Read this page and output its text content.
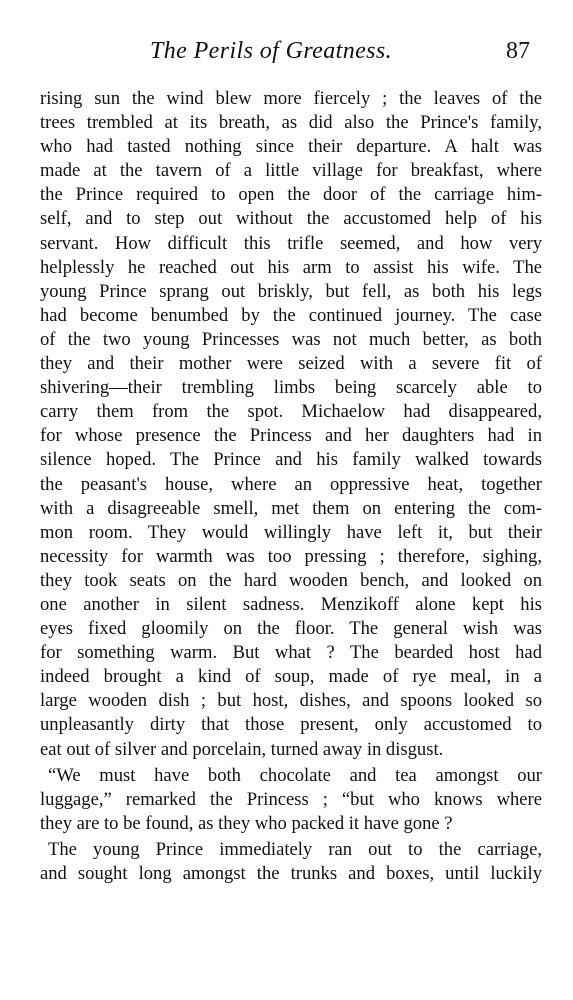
The Perils of Greatness.	87
rising sun the wind blew more fiercely ; the leaves of the
trees trembled at its breath, as did also the Prince's family,
who had tasted nothing since their departure. A halt was
made at the tavern of a little village for breakfast, where
the Prince required to open the door of the carriage him-
self, and to step out without the accustomed help of his
servant. How difficult this trifle seemed, and how very
helplessly he reached out his arm to assist his wife. The
young Prince sprang out briskly, but fell, as both his legs
had become benumbed by the continued journey. The case
of the two young Princesses was not much better, as both
they and their mother were seized with a severe fit of
shivering—their trembling limbs being scarcely able to
carry them from the spot. Michaelow had disappeared,
for whose presence the Princess and her daughters had in
silence hoped. The Prince and his family walked towards
the peasant's house, where an oppressive heat, together
with a disagreeable smell, met them on entering the com-
mon room. They would willingly have left it, but their
necessity for warmth was too pressing ; therefore, sighing,
they took seats on the hard wooden bench, and looked on
one another in silent sadness. Menzikoff alone kept his
eyes fixed gloomily on the floor. The general wish was
for something warm. But what ? The bearded host had
indeed brought a kind of soup, made of rye meal, in a
large wooden dish ; but host, dishes, and spoons looked so
unpleasantly dirty that those present, only accustomed to
eat out of silver and porcelain, turned away in disgust.
“We must have both chocolate and tea amongst our
luggage,” remarked the Princess ; “but who knows where
they are to be found, as they who packed it have gone ?
The young Prince immediately ran out to the carriage,
and sought long amongst the trunks and boxes, until luckily
